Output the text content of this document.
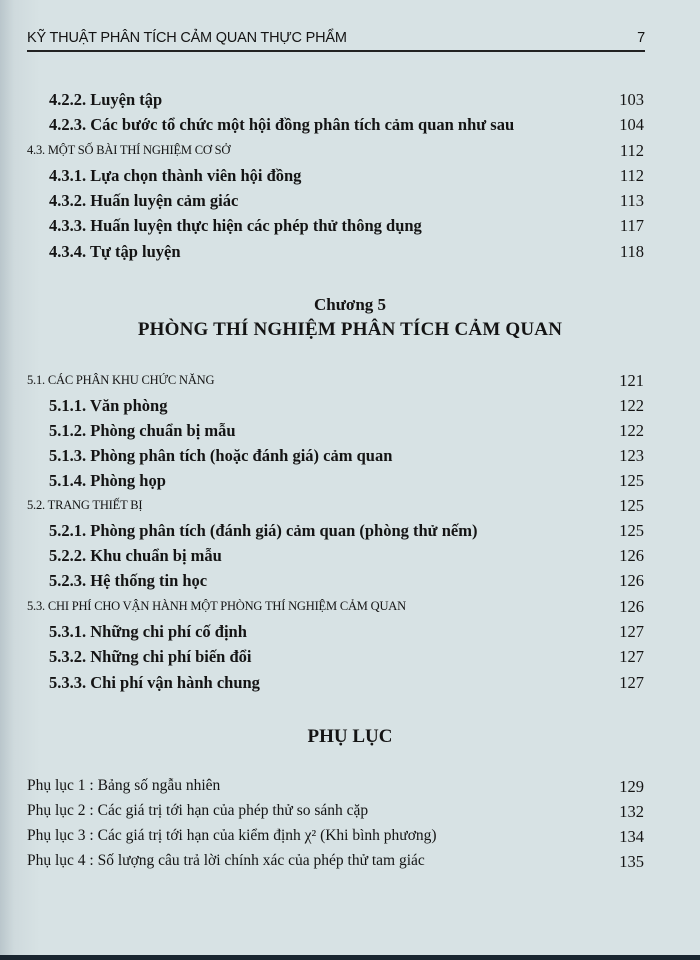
KỸ THUẬT PHÂN TÍCH CẢM QUAN THỰC PHẨM	7
4.2.2. Luyện tập	103
4.2.3. Các bước tổ chức một hội đồng phân tích cảm quan như sau	104
4.3. MỘT SỐ BÀI THÍ NGHIỆM CƠ SỞ	112
4.3.1. Lựa chọn thành viên hội đồng	112
4.3.2. Huấn luyện cảm giác	113
4.3.3. Huấn luyện thực hiện các phép thử thông dụng	117
4.3.4. Tự tập luyện	118
Chương 5
PHÒNG THÍ NGHIỆM PHÂN TÍCH CẢM QUAN
5.1. CÁC PHÂN KHU CHỨC NĂNG	121
5.1.1. Văn phòng	122
5.1.2. Phòng chuẩn bị mẫu	122
5.1.3. Phòng phân tích (hoặc đánh giá) cảm quan	123
5.1.4. Phòng họp	125
5.2. TRANG THIẾT BỊ	125
5.2.1. Phòng phân tích (đánh giá) cảm quan (phòng thử nếm)	125
5.2.2. Khu chuẩn bị mẫu	126
5.2.3. Hệ thống tin học	126
5.3. CHI PHÍ CHO VẬN HÀNH MỘT PHÒNG THÍ NGHIỆM CẢM QUAN	126
5.3.1. Những chi phí cố định	127
5.3.2. Những chi phí biến đổi	127
5.3.3. Chi phí vận hành chung	127
PHỤ LỤC
Phụ lục 1 : Bảng số ngẫu nhiên	129
Phụ lục 2 : Các giá trị tới hạn của phép thử so sánh cặp	132
Phụ lục 3 : Các giá trị tới hạn của kiểm định χ² (Khi bình phương)	134
Phụ lục 4 : Số lượng câu trả lời chính xác của phép thử tam giác	135
